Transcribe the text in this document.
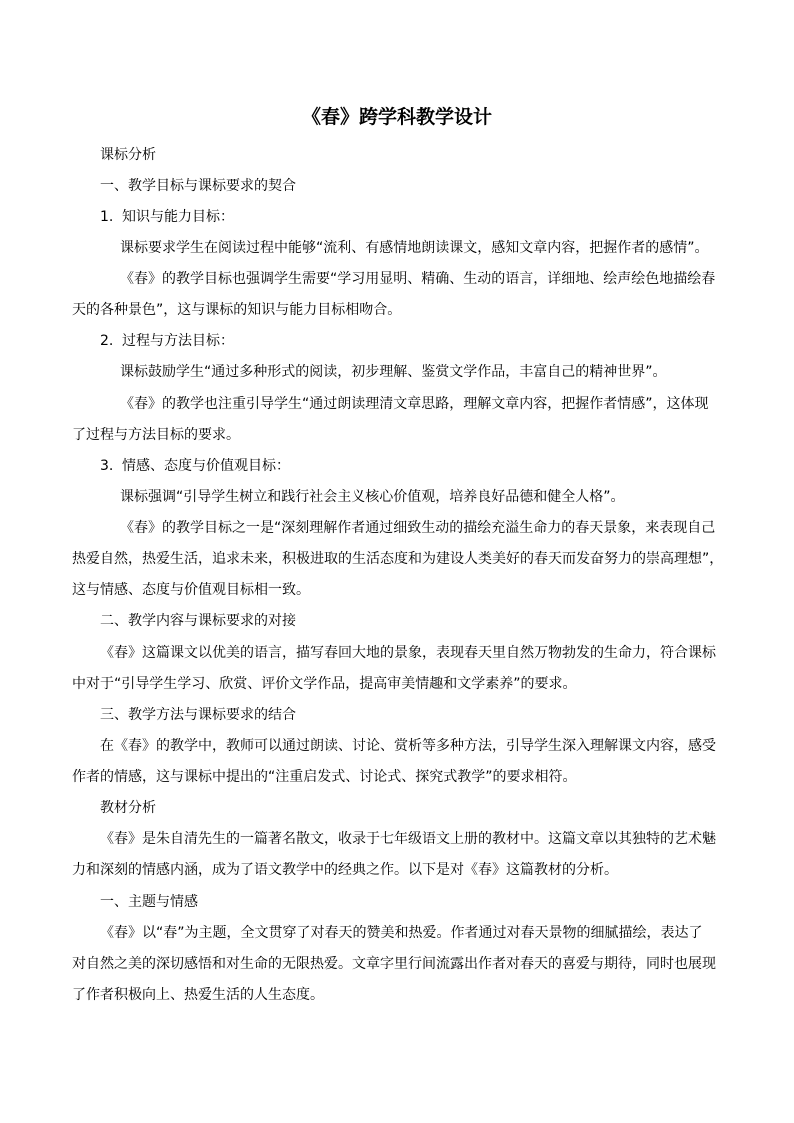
《春》跨学科教学设计
课标分析
一、教学目标与课标要求的契合
1. 知识与能力目标：
课标要求学生在阅读过程中能够“流利、有感情地朗读课文，感知文章内容，把握作者的感情”。
《春》的教学目标也强调学生需要“学习用显明、精确、生动的语言，详细地、绘声绘色地描绘春
天的各种景色”，这与课标的知识与能力目标相吻合。
2. 过程与方法目标：
课标鼓励学生“通过多种形式的阅读，初步理解、鉴赏文学作品，丰富自己的精神世界”。
《春》的教学也注重引导学生“通过朗读理清文章思路，理解文章内容，把握作者情感”，这体现
了过程与方法目标的要求。
3. 情感、态度与价值观目标：
课标强调“引导学生树立和践行社会主义核心价值观，培养良好品德和健全人格”。
《春》的教学目标之一是“深刻理解作者通过细致生动的描绘充溢生命力的春天景象，来表现自己
热爱自然，热爱生活，追求未来，积极进取的生活态度和为建设人类美好的春天而发奋努力的崇高理想”，
这与情感、态度与价值观目标相一致。
二、教学内容与课标要求的对接
《春》这篇课文以优美的语言，描写春回大地的景象，表现春天里自然万物勃发的生命力，符合课标
中对于“引导学生学习、欣赏、评价文学作品，提高审美情趣和文学素养”的要求。
三、教学方法与课标要求的结合
在《春》的教学中，教师可以通过朗读、讨论、赏析等多种方法，引导学生深入理解课文内容，感受
作者的情感，这与课标中提出的“注重启发式、讨论式、探究式教学”的要求相符。
教材分析
《春》是朱自清先生的一篇著名散文，收录于七年级语文上册的教材中。这篇文章以其独特的艺术魅
力和深刻的情感内涵，成为了语文教学中的经典之作。以下是对《春》这篇教材的分析。
一、主题与情感
《春》以“春”为主题，全文贯穿了对春天的赞美和热爱。作者通过对春天景物的细腻描绘，表达了
对自然之美的深切感悟和对生命的无限热爱。文章字里行间流露出作者对春天的喜爱与期待，同时也展现
了作者积极向上、热爱生活的人生态度。
